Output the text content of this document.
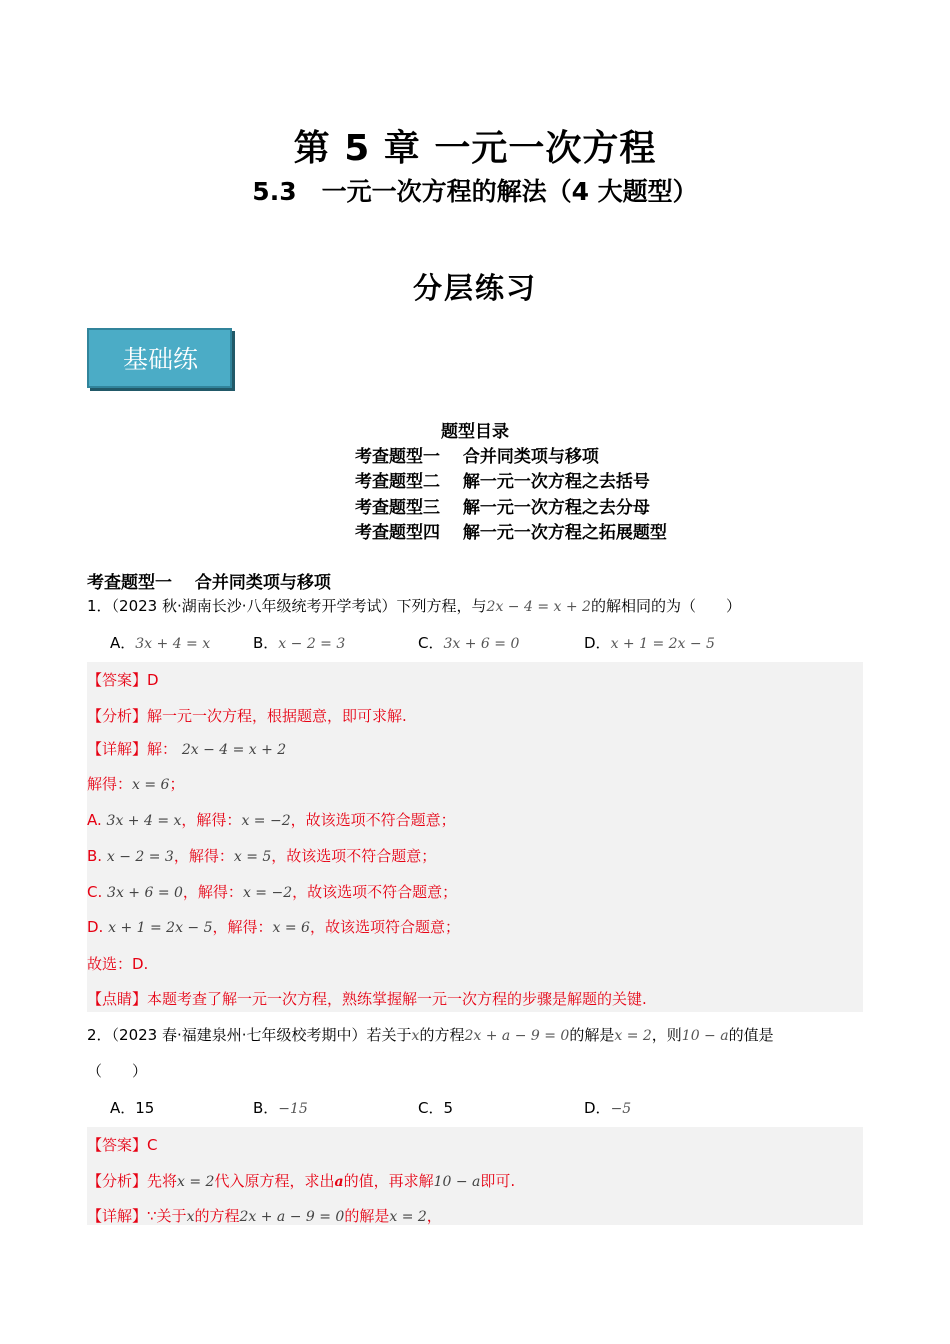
第 5 章 一元一次方程
5.3　一元一次方程的解法（4 大题型）
分层练习
基础练
题型目录
考查题型一　 合并同类项与移项
考查题型二　 解一元一次方程之去括号
考查题型三　 解一元一次方程之去分母
考查题型四　 解一元一次方程之拓展题型
考查题型一　 合并同类项与移项
1．（2023 秋·湖南长沙·八年级统考开学考试）下列方程，与2x − 4 = x + 2的解相同的为（　　）
A．3x + 4 = x	B．x − 2 = 3	C．3x + 6 = 0	D．x + 1 = 2x − 5
【答案】D
【分析】解一元一次方程，根据题意，即可求解.
【详解】解： 2x − 4 = x + 2
解得：x = 6；
A. 3x + 4 = x，解得：x = −2，故该选项不符合题意；
B. x − 2 = 3，解得：x = 5，故该选项不符合题意；
C. 3x + 6 = 0，解得：x = −2，故该选项不符合题意；
D. x + 1 = 2x − 5，解得：x = 6，故该选项符合题意；
故选：D.
【点睛】本题考查了解一元一次方程，熟练掌握解一元一次方程的步骤是解题的关键.
2．（2023 春·福建泉州·七年级校考期中）若关于x的方程2x + a − 9 = 0的解是x = 2，则10 − a的值是
（　　）
A．15	B．−15	C．5	D．−5
【答案】C
【分析】先将x = 2代入原方程，求出a的值，再求解10 − a即可.
【详解】∵关于x的方程2x + a − 9 = 0的解是x = 2，
